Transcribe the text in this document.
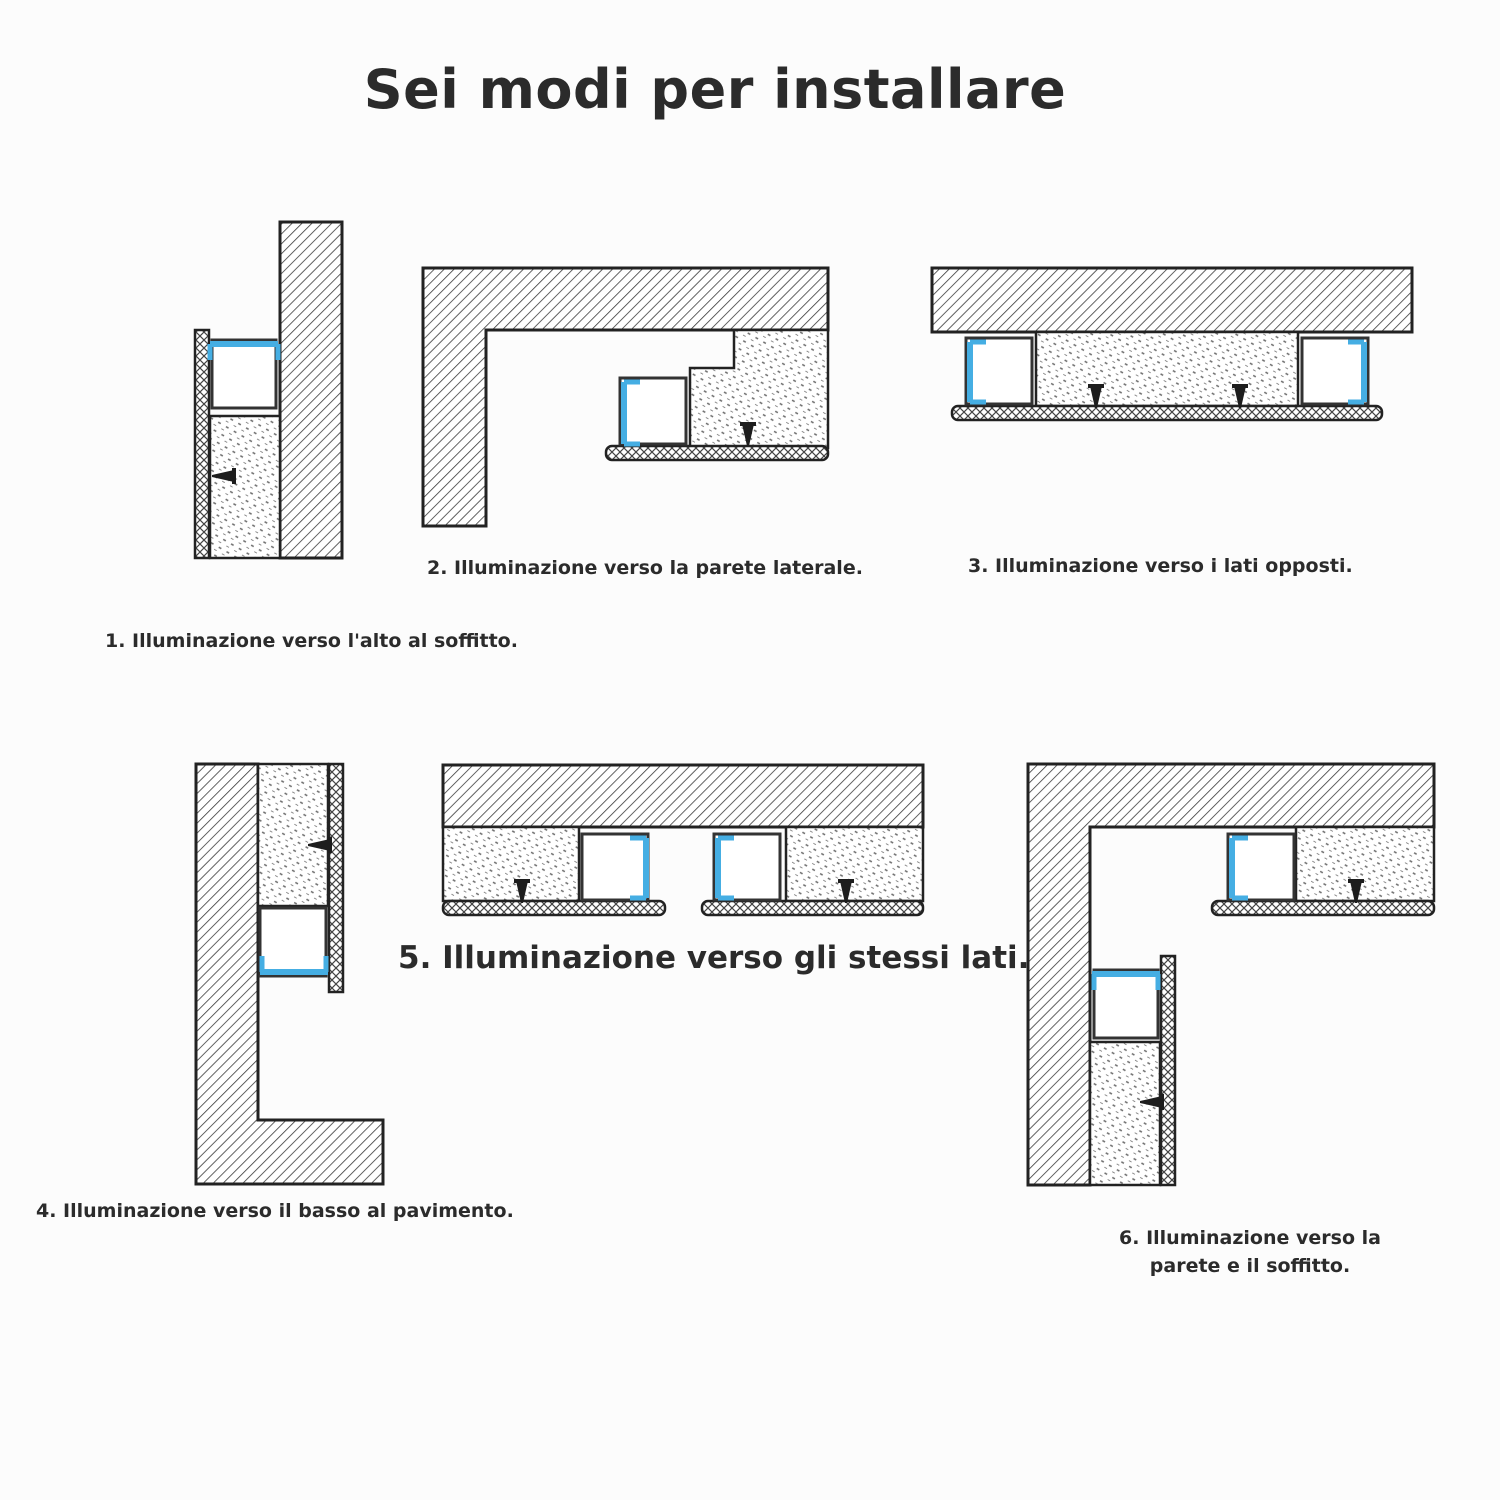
Sei modi per installare
1. Illuminazione verso l'alto al soffitto.
2. Illuminazione verso la parete laterale.	3. Illuminazione verso i lati opposti.
4. Illuminazione verso il basso al pavimento.
5. Illuminazione verso gli stessi lati.
6. Illuminazione verso la
parete e il soffitto.
